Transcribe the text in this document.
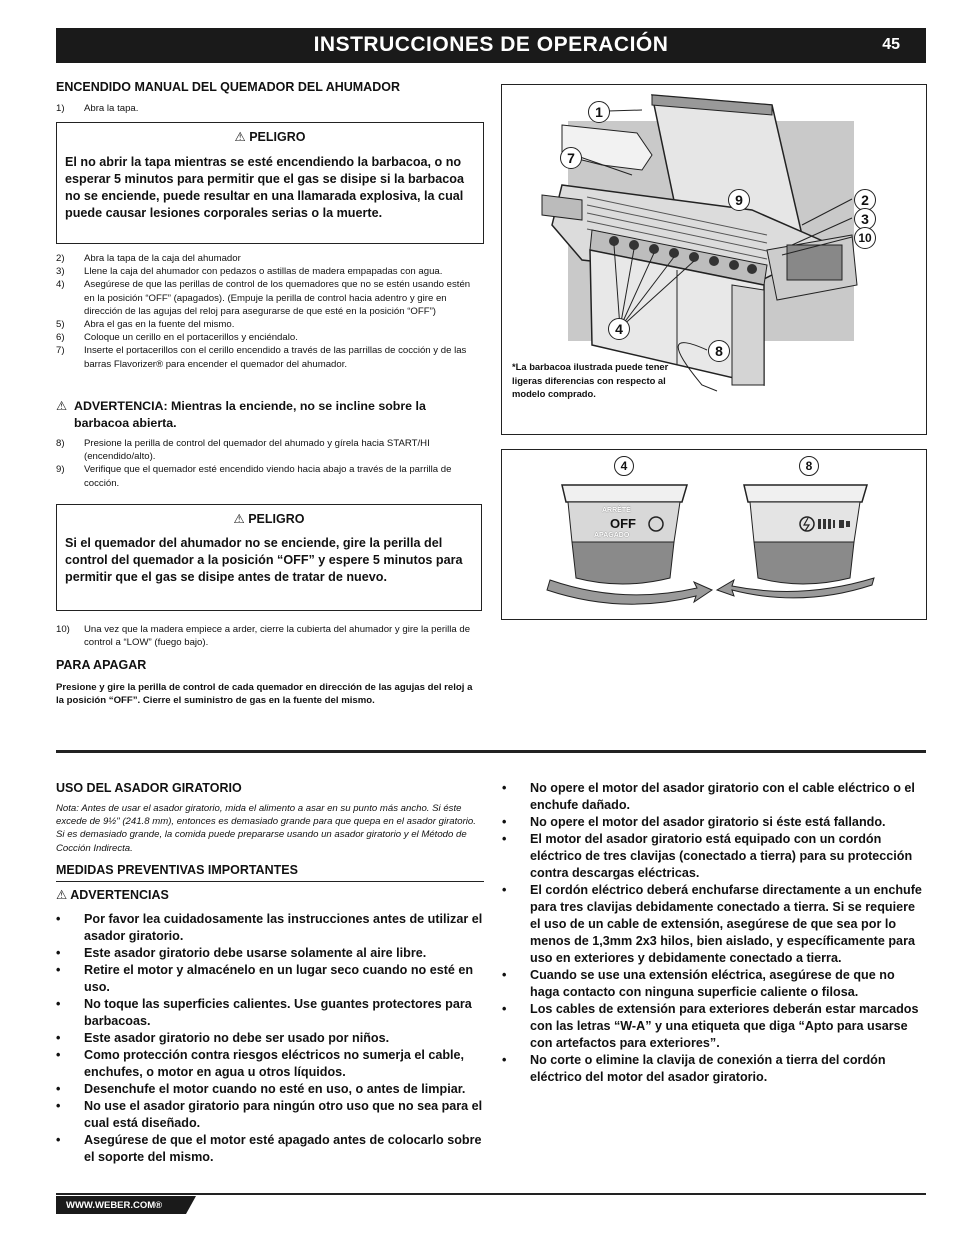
INSTRUCCIONES DE OPERACIÓN	45
ENCENDIDO MANUAL DEL QUEMADOR DEL AHUMADOR
1)	Abra la tapa.
⚠ PELIGRO
El no abrir la tapa mientras se esté encendiendo la barbacoa, o no esperar 5 minutos para permitir que el gas se disipe si la barbacoa no se enciende, puede resultar en una llamarada explosiva, la cual puede causar lesiones corporales serias o la muerte.
2)	Abra la tapa de la caja del ahumador
3)	Llene la caja del ahumador con pedazos o astillas de madera empapadas con agua.
4)	Asegúrese de que las perillas de control de los quemadores que no se estén usando estén en la posición “OFF” (apagados). (Empuje la perilla de control hacia adentro y gire en dirección de las agujas del reloj para asegurarse de que esté en la posición “OFF”)
5)	Abra el gas en la fuente del mismo.
6)	Coloque un cerillo en el portacerillos y enciéndalo.
7)	Inserte el portacerillos con el cerillo encendido a través de las parrillas de cocción y de las barras Flavorizer® para encender el quemador del ahumador.
⚠ ADVERTENCIA: Mientras la enciende, no se incline sobre la barbacoa abierta.
8)	Presione la perilla de control del quemador del ahumado y gírela hacia START/HI (encendido/alto).
9)	Verifique que el quemador esté encendido viendo hacia abajo a través de la parrilla de cocción.
⚠ PELIGRO
Si el quemador del ahumador no se enciende, gire la perilla del control del quemador a la posición “OFF” y espere 5 minutos para permitir que el gas se disipe antes de tratar de nuevo.
10)	Una vez que la madera empiece a arder, cierre la cubierta del ahumador y gire la perilla de control a “LOW” (fuego bajo).
PARA APAGAR
Presione y gire la perilla de control de cada quemador en dirección de las agujas del reloj a la posición “OFF”. Cierre el suministro de gas en la fuente del mismo.
1
7
9	2
3
10
4
8
*La barbacoa ilustrada puede tener ligeras diferencias con respecto al modelo comprado.
4	8
ARRÊTÉ
OFF
APAGADO
USO DEL ASADOR GIRATORIO
Nota: Antes de usar el asador giratorio, mida el alimento a asar en su punto más ancho. Si éste excede de 9½" (241.8 mm), entonces es demasiado grande para que quepa en el asador giratorio. Si es demasiado grande, la comida puede prepararse usando un asador giratorio y el Método de Cocción Indirecta.
MEDIDAS PREVENTIVAS IMPORTANTES
⚠ ADVERTENCIAS
•	Por favor lea cuidadosamente las instrucciones antes de utilizar el asador giratorio.
•	Este asador giratorio debe usarse solamente al aire libre.
•	Retire el motor y almacénelo en un lugar seco cuando no esté en uso.
•	No toque las superficies calientes. Use guantes protectores para barbacoas.
•	Este asador giratorio no debe ser usado por niños.
•	Como protección contra riesgos eléctricos no sumerja el cable, enchufes, o motor en agua u otros líquidos.
•	Desenchufe el motor cuando no esté en uso, o antes de limpiar.
•	No use el asador giratorio para ningún otro uso que no sea para el cual está diseñado.
•	Asegúrese de que el motor esté apagado antes de colocarlo sobre el soporte del mismo.
•	No opere el motor del asador giratorio con el cable eléctrico o el enchufe dañado.
•	No opere el motor del asador giratorio si éste está fallando.
•	El motor del asador giratorio está equipado con un cordón eléctrico de tres clavijas (conectado a tierra) para su protección contra descargas eléctricas.
•	El cordón eléctrico deberá enchufarse directamente a un enchufe para tres clavijas debidamente conectado a tierra. Si se requiere el uso de un cable de extensión, asegúrese de que sea por lo menos de 1,3mm 2x3 hilos, bien aislado, y específicamente para uso en exteriores y debidamente conectado a tierra.
•	Cuando se use una extensión eléctrica, asegúrese de que no haga contacto con ninguna superficie caliente o filosa.
•	Los cables de extensión para exteriores deberán estar marcados con las letras “W-A” y una etiqueta que diga “Apto para usarse con artefactos para exteriores”.
•	No corte o elimine la clavija de conexión a tierra del cordón eléctrico del motor del asador giratorio.
WWW.WEBER.COM®
